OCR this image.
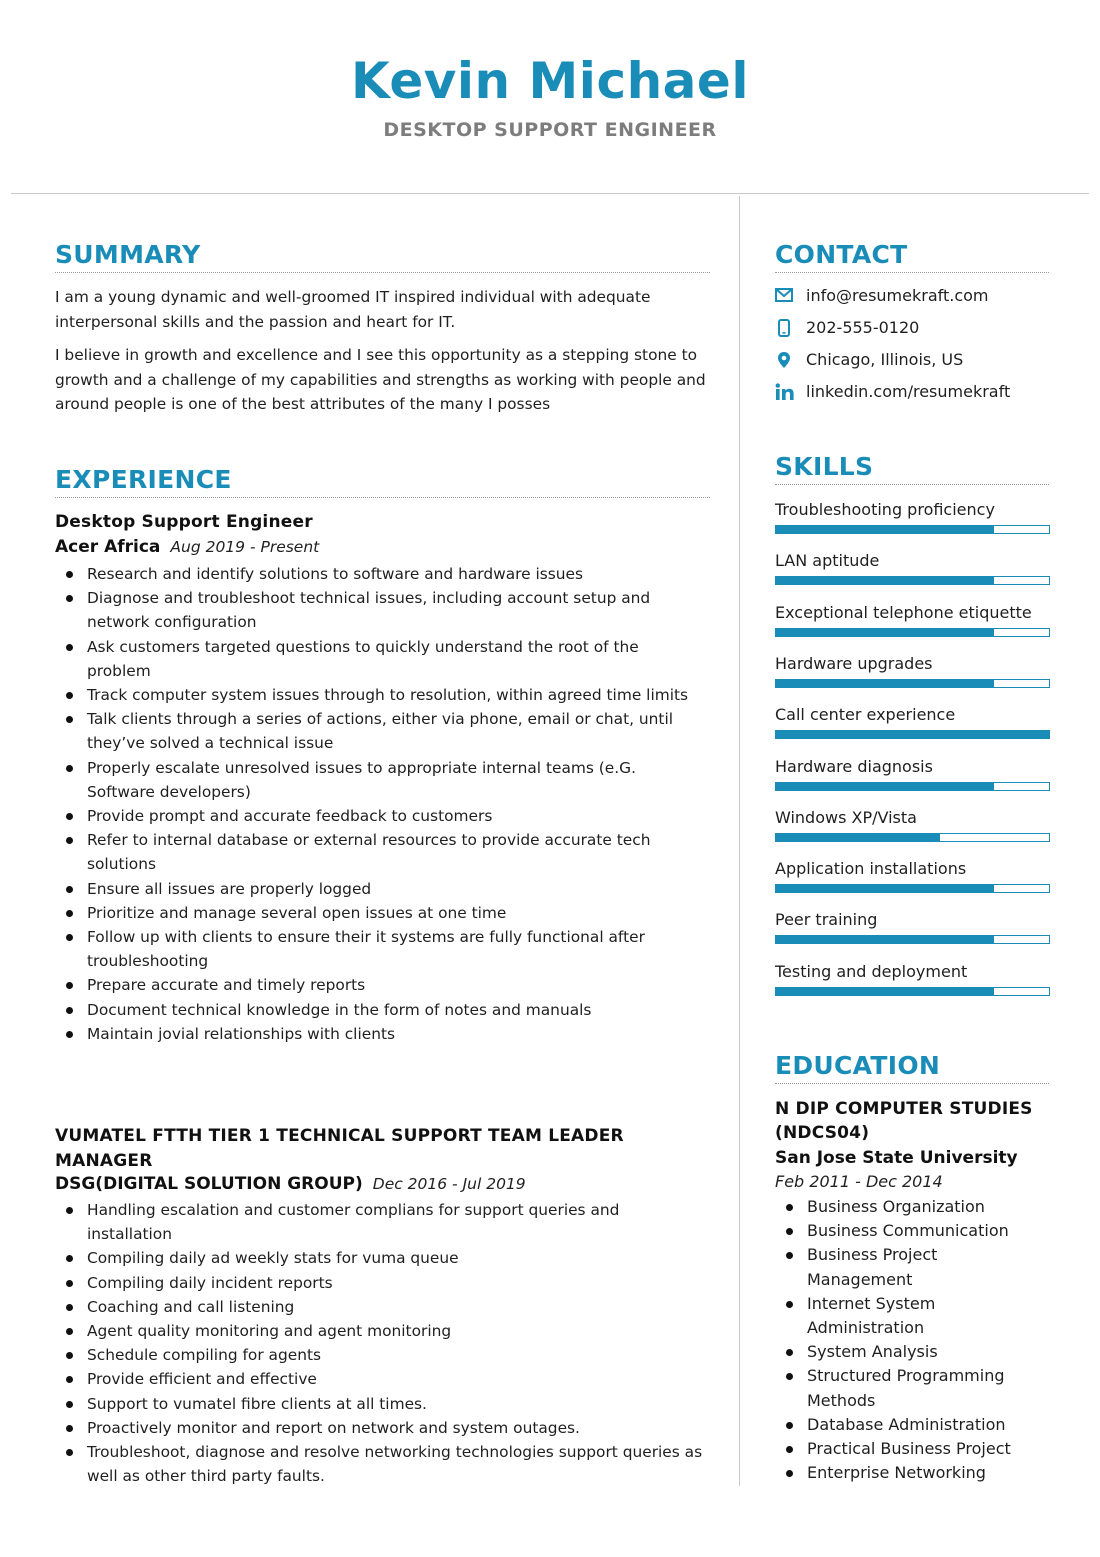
Kevin Michael
DESKTOP SUPPORT ENGINEER
SUMMARY
I am a young dynamic and well-groomed IT inspired individual with adequate interpersonal skills and the passion and heart for IT.
I believe in growth and excellence and I see this opportunity as a stepping stone to growth and a challenge of my capabilities and strengths as working with people and around people is one of the best attributes of the many I posses
EXPERIENCE
Desktop Support Engineer
Acer Africa Aug 2019 - Present
Research and identify solutions to software and hardware issues
Diagnose and troubleshoot technical issues, including account setup and network configuration
Ask customers targeted questions to quickly understand the root of the problem
Track computer system issues through to resolution, within agreed time limits
Talk clients through a series of actions, either via phone, email or chat, until they’ve solved a technical issue
Properly escalate unresolved issues to appropriate internal teams (e.G. Software developers)
Provide prompt and accurate feedback to customers
Refer to internal database or external resources to provide accurate tech solutions
Ensure all issues are properly logged
Prioritize and manage several open issues at one time
Follow up with clients to ensure their it systems are fully functional after troubleshooting
Prepare accurate and timely reports
Document technical knowledge in the form of notes and manuals
Maintain jovial relationships with clients
VUMATEL FTTH TIER 1 TECHNICAL SUPPORT TEAM LEADER MANAGER
DSG(DIGITAL SOLUTION GROUP) Dec 2016 - Jul 2019
Handling escalation and customer complians for support queries and installation
Compiling daily ad weekly stats for vuma queue
Compiling daily incident reports
Coaching and call listening
Agent quality monitoring and agent monitoring
Schedule compiling for agents
Provide efficient and effective
Support to vumatel fibre clients at all times.
Proactively monitor and report on network and system outages.
Troubleshoot, diagnose and resolve networking technologies support queries as well as other third party faults.
CONTACT
info@resumekraft.com
202-555-0120
Chicago, Illinois, US
linkedin.com/resumekraft
SKILLS
Troubleshooting proficiency
LAN aptitude
Exceptional telephone etiquette
Hardware upgrades
Call center experience
Hardware diagnosis
Windows XP/Vista
Application installations
Peer training
Testing and deployment
EDUCATION
N DIP COMPUTER STUDIES (NDCS04)
San Jose State University
Feb 2011 - Dec 2014
Business Organization
Business Communication
Business Project Management
Internet System Administration
System Analysis
Structured Programming Methods
Database Administration
Practical Business Project
Enterprise Networking
